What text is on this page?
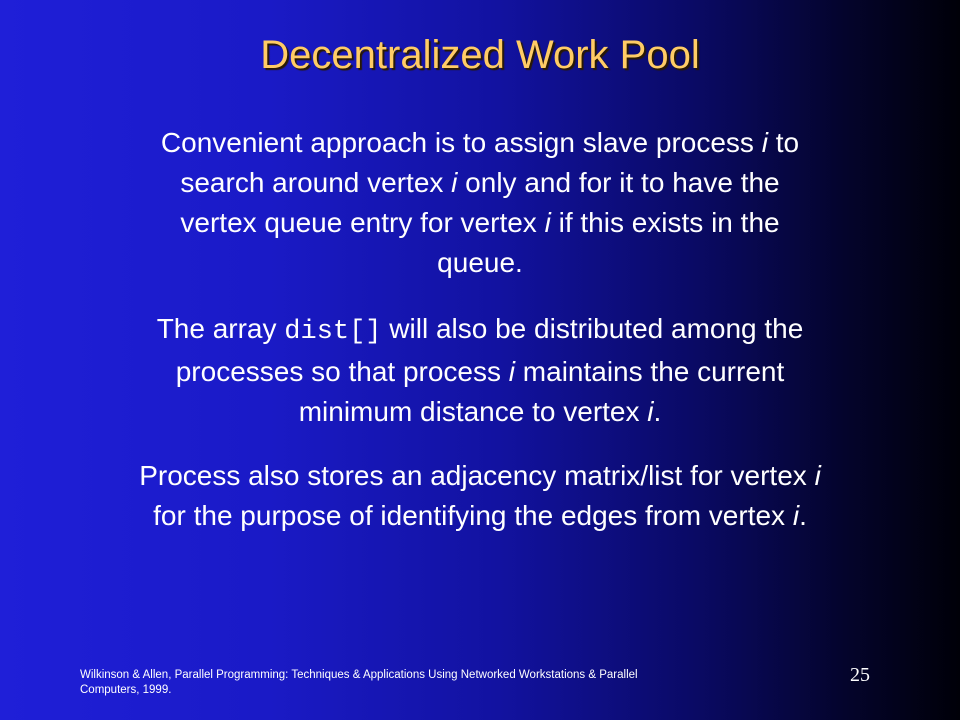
Decentralized Work Pool
Convenient approach is to assign slave process i to
search around vertex i only and for it to have the
vertex queue entry for vertex i if this exists in the
queue.
The array dist[] will also be distributed among the
processes so that process i maintains the current
minimum distance to vertex i.
Process also stores an adjacency matrix/list for vertex i
for the purpose of identifying the edges from vertex i.
Wilkinson & Allen, Parallel Programming: Techniques & Applications Using Networked Workstations & Parallel
Computers, 1999.
25
